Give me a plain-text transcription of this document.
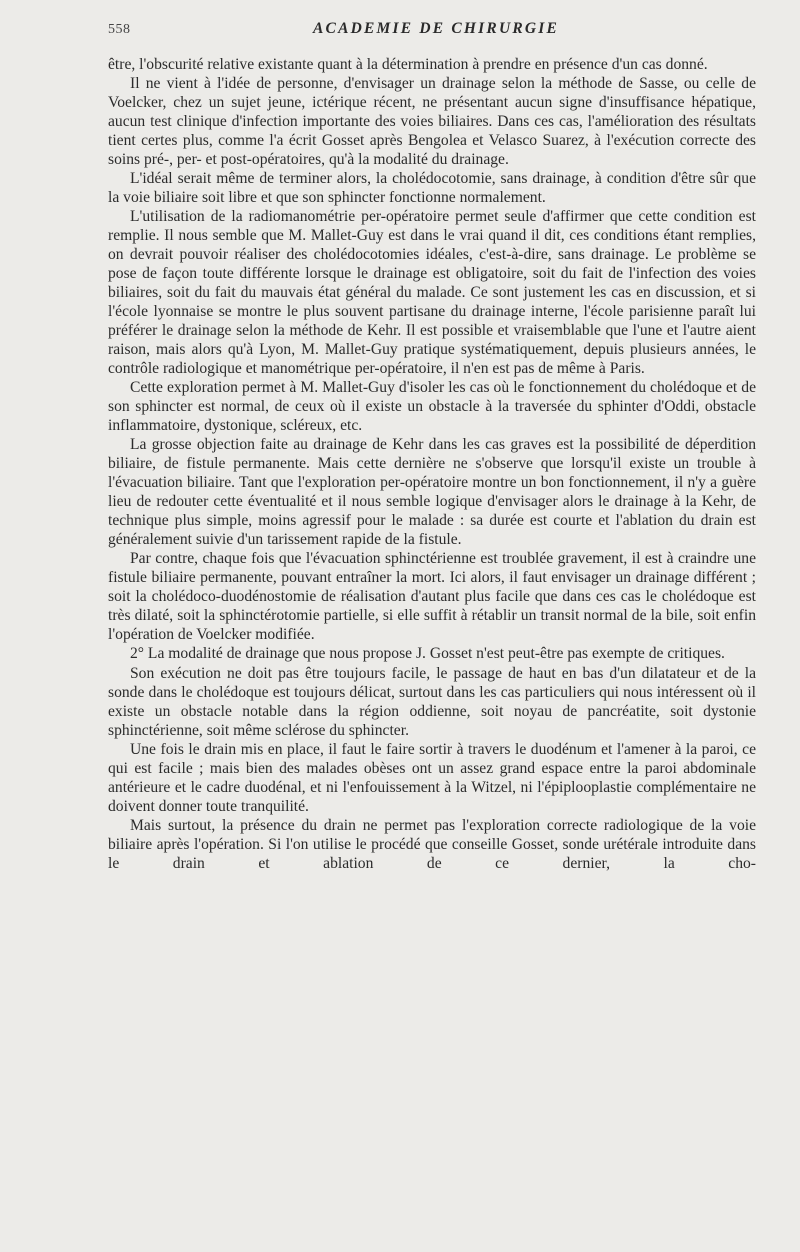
558	ACADEMIE DE CHIRURGIE

être, l'obscurité relative existante quant à la détermination à prendre en présence d'un cas donné.

Il ne vient à l'idée de personne, d'envisager un drainage selon la méthode de Sasse, ou celle de Voelcker, chez un sujet jeune, ictérique récent, ne présentant aucun signe d'insuffisance hépatique, aucun test clinique d'infection importante des voies biliaires. Dans ces cas, l'amélioration des résultats tient certes plus, comme l'a écrit Gosset après Bengolea et Velasco Suarez, à l'exécution correcte des soins pré-, per- et post-opératoires, qu'à la modalité du drainage.

L'idéal serait même de terminer alors, la cholédocotomie, sans drainage, à condition d'être sûr que la voie biliaire soit libre et que son sphincter fonctionne normalement.

L'utilisation de la radiomanométrie per-opératoire permet seule d'affirmer que cette condition est remplie. Il nous semble que M. Mallet-Guy est dans le vrai quand il dit, ces conditions étant remplies, on devrait pouvoir réaliser des cholédocotomies idéales, c'est-à-dire, sans drainage. Le problème se pose de façon toute différente lorsque le drainage est obligatoire, soit du fait de l'infection des voies biliaires, soit du fait du mauvais état général du malade. Ce sont justement les cas en discussion, et si l'école lyonnaise se montre le plus souvent partisane du drainage interne, l'école parisienne paraît lui préférer le drainage selon la méthode de Kehr. Il est possible et vraisemblable que l'une et l'autre aient raison, mais alors qu'à Lyon, M. Mallet-Guy pratique systématiquement, depuis plusieurs années, le contrôle radiologique et manométrique per-opératoire, il n'en est pas de même à Paris.

Cette exploration permet à M. Mallet-Guy d'isoler les cas où le fonctionnement du cholédoque et de son sphincter est normal, de ceux où il existe un obstacle à la traversée du sphinter d'Oddi, obstacle inflammatoire, dystonique, scléreux, etc.

La grosse objection faite au drainage de Kehr dans les cas graves est la possibilité de déperdition biliaire, de fistule permanente. Mais cette dernière ne s'observe que lorsqu'il existe un trouble à l'évacuation biliaire. Tant que l'exploration per-opératoire montre un bon fonctionnement, il n'y a guère lieu de redouter cette éventualité et il nous semble logique d'envisager alors le drainage à la Kehr, de technique plus simple, moins agressif pour le malade : sa durée est courte et l'ablation du drain est généralement suivie d'un tarissement rapide de la fistule.

Par contre, chaque fois que l'évacuation sphinctérienne est troublée gravement, il est à craindre une fistule biliaire permanente, pouvant entraîner la mort. Ici alors, il faut envisager un drainage différent ; soit la cholédoco-duodénostomie de réalisation d'autant plus facile que dans ces cas le cholédoque est très dilaté, soit la sphinctérotomie partielle, si elle suffit à rétablir un transit normal de la bile, soit enfin l'opération de Voelcker modifiée.

2° La modalité de drainage que nous propose J. Gosset n'est peut-être pas exempte de critiques.

Son exécution ne doit pas être toujours facile, le passage de haut en bas d'un dilatateur et de la sonde dans le cholédoque est toujours délicat, surtout dans les cas particuliers qui nous intéressent où il existe un obstacle notable dans la région oddienne, soit noyau de pancréatite, soit dystonie sphinctérienne, soit même sclérose du sphincter.

Une fois le drain mis en place, il faut le faire sortir à travers le duodénum et l'amener à la paroi, ce qui est facile ; mais bien des malades obèses ont un assez grand espace entre la paroi abdominale antérieure et le cadre duodénal, et ni l'enfouissement à la Witzel, ni l'épiplooplastie complémentaire ne doivent donner toute tranquilité.

Mais surtout, la présence du drain ne permet pas l'exploration correcte radiologique de la voie biliaire après l'opération. Si l'on utilise le procédé que conseille Gosset, sonde urétérale introduite dans le drain et ablation de ce dernier, la cho-
